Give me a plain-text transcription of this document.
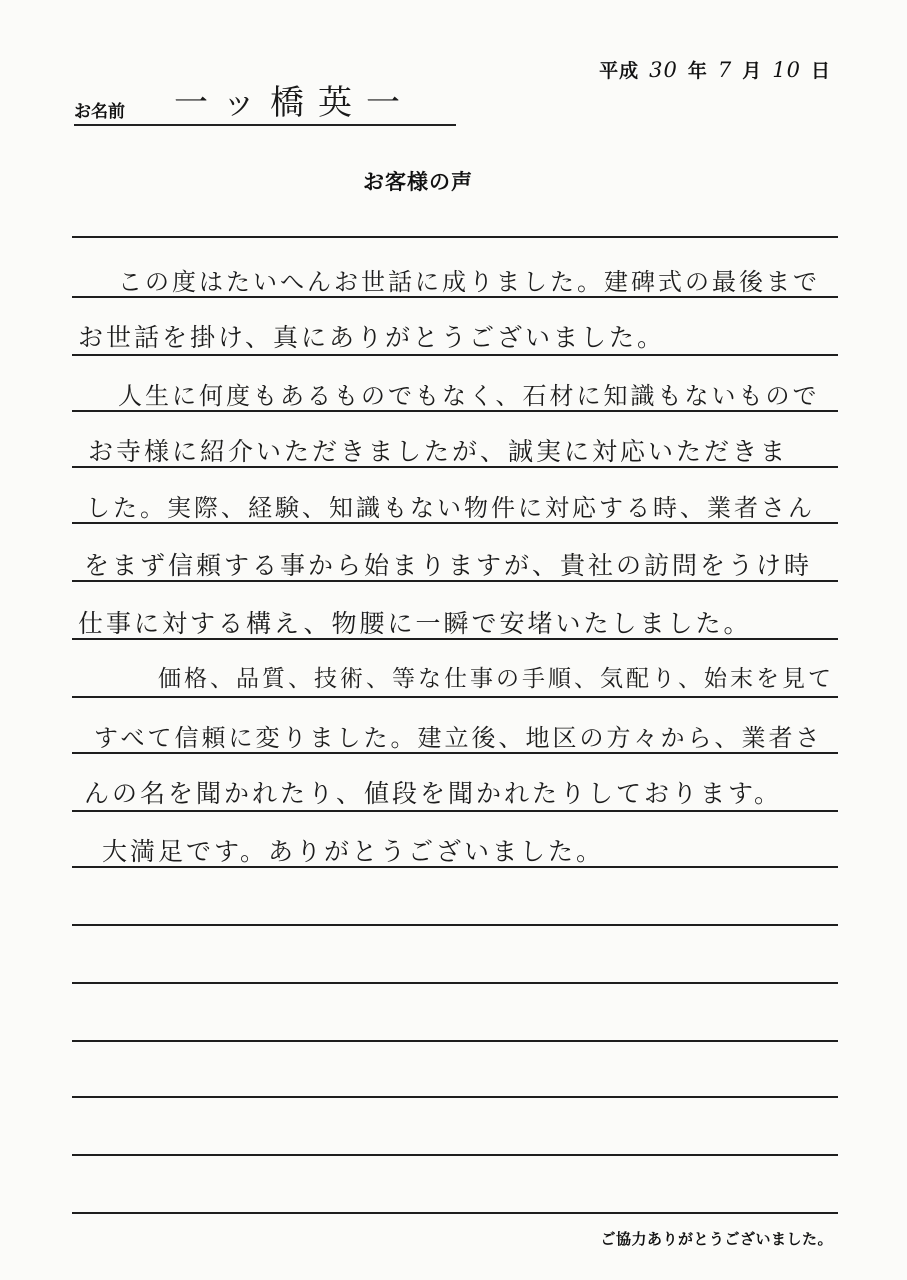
平成 30 年 7 月 10 日
お名前 一ッ橋英一
お客様の声
この度はたいへんお世話に成りました。建碑式の最後まで
お世話を掛け、真にありがとうございました。
人生に何度もあるものでもなく、石材に知識もないもので
お寺様に紹介いただきましたが、誠実に対応いただきま
した。実際、経験、知識もない物件に対応する時、業者さん
をまず信頼する事から始まりますが、貴社の訪問をうけ時
仕事に対する構え、物腰に一瞬で安堵いたしました。
価格、品質、技術、等な仕事の手順、気配り、始末を見て
すべて信頼に変りました。建立後、地区の方々から、業者さ
んの名を聞かれたり、値段を聞かれたりしております。
大満足です。ありがとうございました。
ご協力ありがとうございました。
